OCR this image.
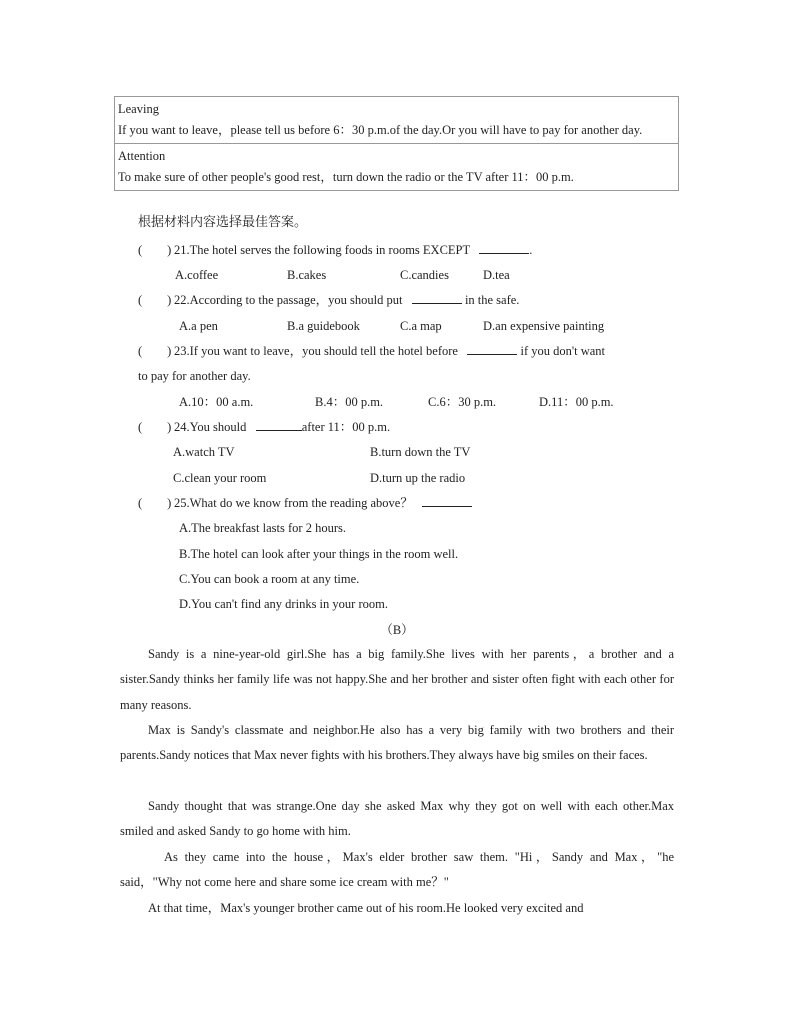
Leaving
If you want to leave，please tell us before 6：30 p.m.of the day.Or you will have to pay for another day.

Attention
To make sure of other people's good rest，turn down the radio or the TV after 11：00 p.m.
根据材料内容选择最佳答案。
(　　) 21.The hotel serves the following foods in rooms EXCEPT	.
A.coffee	B.cakes	C.candies	D.tea
(　　) 22.According to the passage，you should put	in the safe.
A.a pen	B.a guidebook	C.a map	D.an expensive painting
(　　) 23.If you want to leave，you should tell the hotel before	if you don't want
to pay for another day.
A.10：00 a.m.	B.4：00 p.m.	C.6：30 p.m.	D.11：00 p.m.
(　　) 24.You should	after 11：00 p.m.
A.watch TV	B.turn down the TV
C.clean your room	D.turn up the radio
(　　) 25.What do we know from the reading above？
A.The breakfast lasts for 2 hours.
B.The hotel can look after your things in the room well.
C.You can book a room at any time.
D.You can't find any drinks in your room.
（B）

Sandy is a nine-year-old girl.She has a big family.She lives with her parents，a brother and a sister.Sandy thinks her family life was not happy.She and her brother and sister often fight with each other for many reasons.

Max is Sandy's classmate and neighbor.He also has a very big family with two brothers and their parents.Sandy notices that Max never fights with his brothers.They always have big smiles on their faces.

Sandy thought that was strange.One day she asked Max why they got on well with each other.Max smiled and asked Sandy to go home with him.

As they came into the house，Max's elder brother saw them. "Hi，Sandy and Max，"he said，"Why not come here and share some ice cream with me？"

At that time，Max's younger brother came out of his room.He looked very excited and
